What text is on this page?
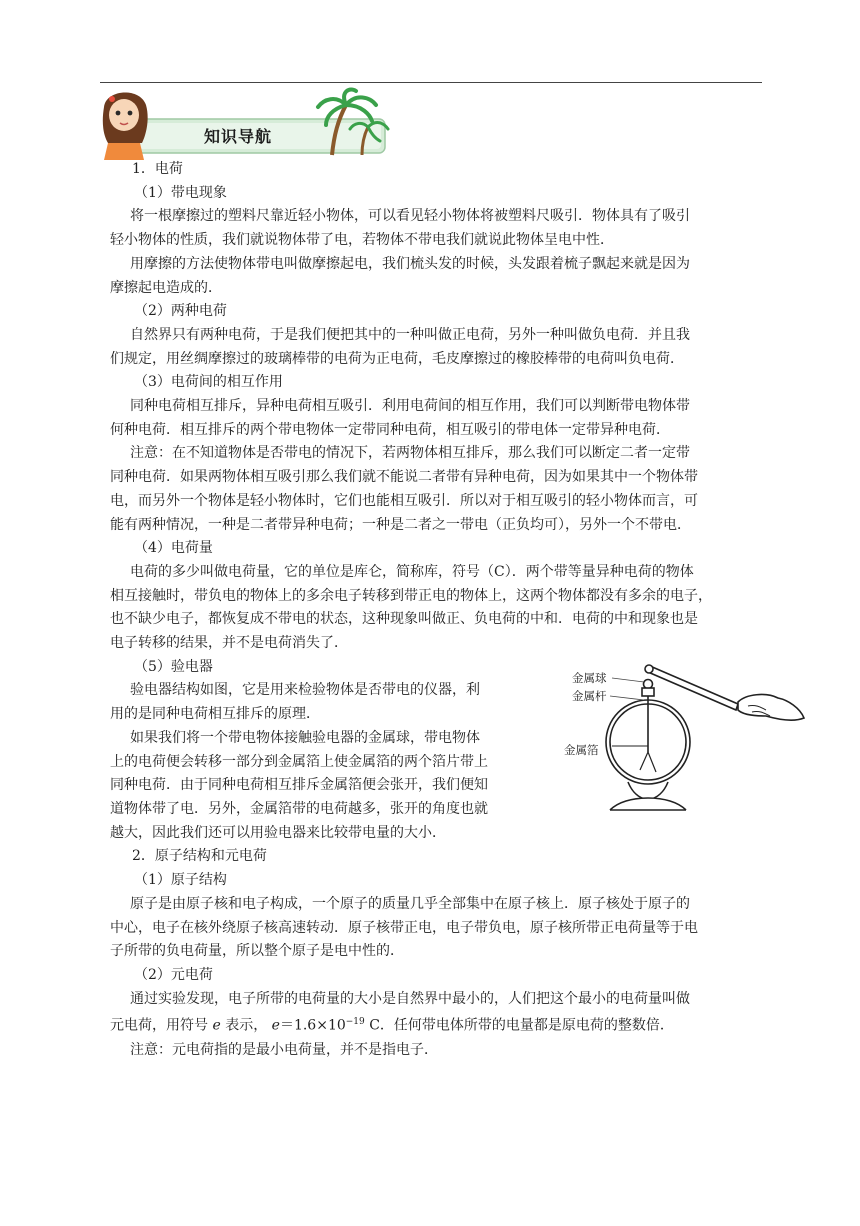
知识导航

1．电荷

（1）带电现象

将一根摩擦过的塑料尺靠近轻小物体，可以看见轻小物体将被塑料尺吸引．物体具有了吸引

轻小物体的性质，我们就说物体带了电，若物体不带电我们就说此物体呈电中性．

用摩擦的方法使物体带电叫做摩擦起电，我们梳头发的时候，头发跟着梳子飘起来就是因为

摩擦起电造成的．

（2）两种电荷

自然界只有两种电荷，于是我们便把其中的一种叫做正电荷，另外一种叫做负电荷．并且我

们规定，用丝绸摩擦过的玻璃棒带的电荷为正电荷，毛皮摩擦过的橡胶棒带的电荷叫负电荷．

（3）电荷间的相互作用

同种电荷相互排斥，异种电荷相互吸引．利用电荷间的相互作用，我们可以判断带电物体带

何种电荷．相互排斥的两个带电物体一定带同种电荷，相互吸引的带电体一定带异种电荷．

注意：在不知道物体是否带电的情况下，若两物体相互排斥，那么我们可以断定二者一定带

同种电荷．如果两物体相互吸引那么我们就不能说二者带有异种电荷，因为如果其中一个物体带

电，而另外一个物体是轻小物体时，它们也能相互吸引．所以对于相互吸引的轻小物体而言，可

能有两种情况，一种是二者带异种电荷；一种是二者之一带电（正负均可），另外一个不带电．

（4）电荷量

电荷的多少叫做电荷量，它的单位是库仑，简称库，符号（C）．两个带等量异种电荷的物体

相互接触时，带负电的物体上的多余电子转移到带正电的物体上，这两个物体都没有多余的电子，

也不缺少电子，都恢复成不带电的状态，这种现象叫做正、负电荷的中和．电荷的中和现象也是

电子转移的结果，并不是电荷消失了．

（5）验电器

验电器结构如图，它是用来检验物体是否带电的仪器，利

用的是同种电荷相互排斥的原理．

如果我们将一个带电物体接触验电器的金属球，带电物体

上的电荷便会转移一部分到金属箔上使金属箔的两个箔片带上

同种电荷．由于同种电荷相互排斥金属箔便会张开，我们便知

道物体带了电．另外，金属箔带的电荷越多，张开的角度也就

越大，因此我们还可以用验电器来比较带电量的大小．

2．原子结构和元电荷

（1）原子结构

原子是由原子核和电子构成，一个原子的质量几乎全部集中在原子核上．原子核处于原子的

中心，电子在核外绕原子核高速转动．原子核带正电，电子带负电，原子核所带正电荷量等于电

子所带的负电荷量，所以整个原子是电中性的．

（2）元电荷

通过实验发现，电子所带的电荷量的大小是自然界中最小的，人们把这个最小的电荷量叫做

元电荷，用符号 e 表示， $e=1.6\times 10^{-19}$ C．任何带电体所带的电量都是原电荷的整数倍．

注意：元电荷指的是最小电荷量，并不是指电子．

金属球
金属杆
金属箔
